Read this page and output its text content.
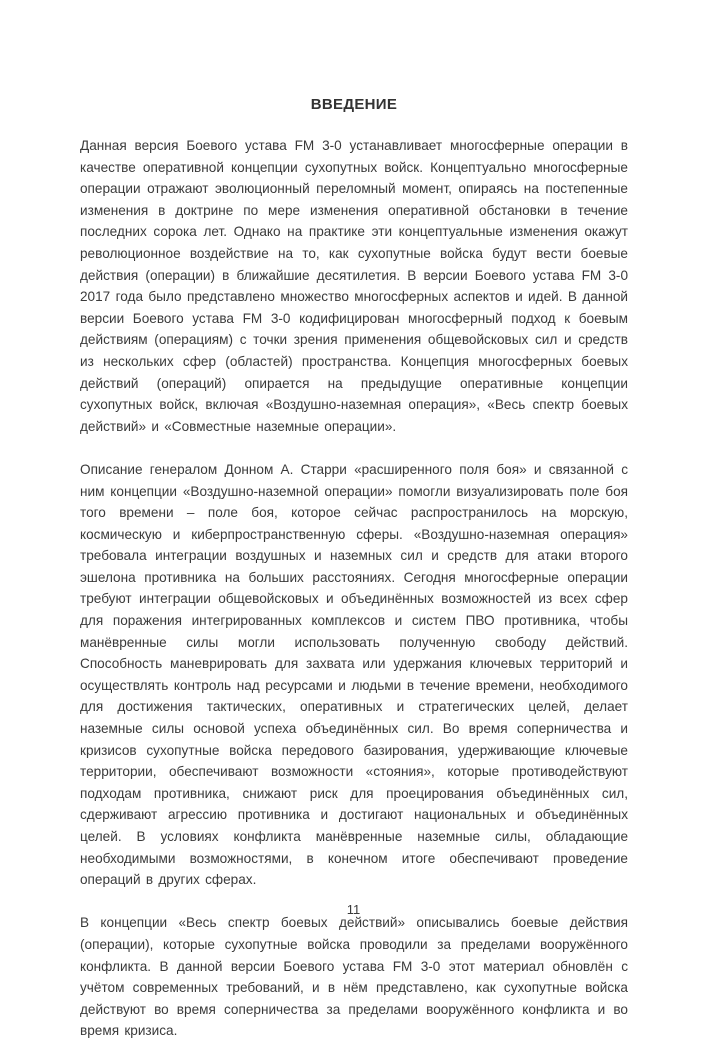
ВВЕДЕНИЕ

Данная версия Боевого устава FM 3-0 устанавливает многосферные операции в качестве оперативной концепции сухопутных войск. Концептуально многосферные операции отражают эволюционный переломный момент, опираясь на постепенные изменения в доктрине по мере изменения оперативной обстановки в течение последних сорока лет. Однако на практике эти концептуальные изменения окажут революционное воздействие на то, как сухопутные войска будут вести боевые действия (операции) в ближайшие десятилетия. В версии Боевого устава FM 3-0 2017 года было представлено множество многосферных аспектов и идей. В данной версии Боевого устава FM 3-0 кодифицирован многосферный подход к боевым действиям (операциям) с точки зрения применения общевойсковых сил и средств из нескольких сфер (областей) пространства. Концепция многосферных боевых действий (операций) опирается на предыдущие оперативные концепции сухопутных войск, включая «Воздушно-наземная операция», «Весь спектр боевых действий» и «Совместные наземные операции».

Описание генералом Донном А. Старри «расширенного поля боя» и связанной с ним концепции «Воздушно-наземной операции» помогли визуализировать поле боя того времени – поле боя, которое сейчас распространилось на морскую, космическую и киберпространственную сферы. «Воздушно-наземная операция» требовала интеграции воздушных и наземных сил и средств для атаки второго эшелона противника на больших расстояниях. Сегодня многосферные операции требуют интеграции общевойсковых и объединённых возможностей из всех сфер для поражения интегрированных комплексов и систем ПВО противника, чтобы манёвренные силы могли использовать полученную свободу действий. Способность маневрировать для захвата или удержания ключевых территорий и осуществлять контроль над ресурсами и людьми в течение времени, необходимого для достижения тактических, оперативных и стратегических целей, делает наземные силы основой успеха объединённых сил. Во время соперничества и кризисов сухопутные войска передового базирования, удерживающие ключевые территории, обеспечивают возможности «стояния», которые противодействуют подходам противника, снижают риск для проецирования объединённых сил, сдерживают агрессию противника и достигают национальных и объединённых целей. В условиях конфликта манёвренные наземные силы, обладающие необходимыми возможностями, в конечном итоге обеспечивают проведение операций в других сферах.

В концепции «Весь спектр боевых действий» описывались боевые действия (операции), которые сухопутные войска проводили за пределами вооружённого конфликта. В данной версии Боевого устава FM 3-0 этот материал обновлён с учётом современных требований, и в нём представлено, как сухопутные войска действуют во время соперничества за пределами вооружённого конфликта и во время кризиса.

11
